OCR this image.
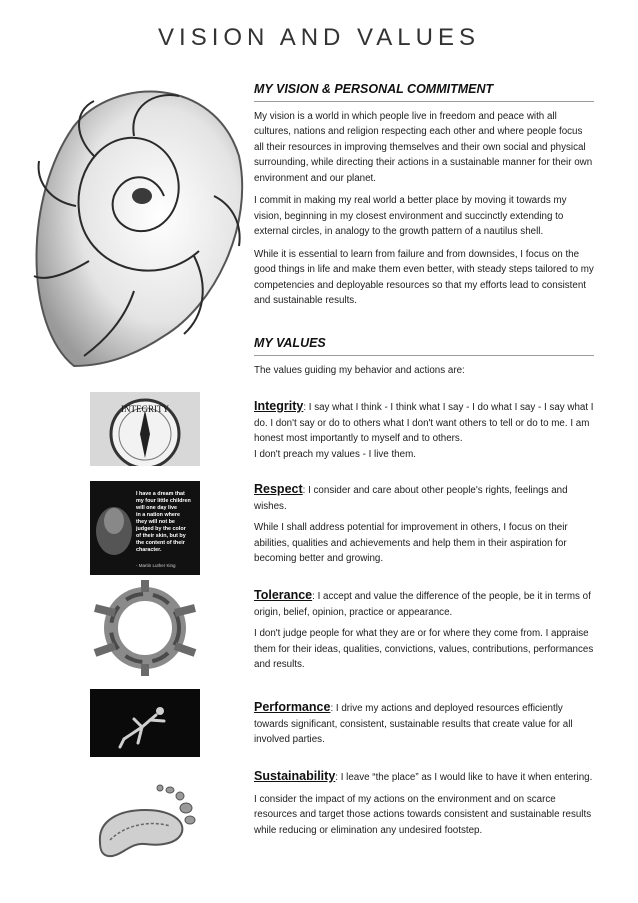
VISION AND VALUES
MY VISION & PERSONAL COMMITMENT

My vision is a world in which people live in freedom and peace with all cultures, nations and religion respecting each other and where people focus all their resources in improving themselves and their own social and physical surrounding, while directing their actions in a sustainable manner for their own environment and our planet.

I commit in making my real world a better place by moving it towards my vision, beginning in my closest environment and succinctly extending to external circles, in analogy to the growth pattern of a nautilus shell.

While it is essential to learn from failure and from downsides, I focus on the good things in life and make them even better, with steady steps tailored to my competencies and deployable resources so that my efforts lead to consistent and sustainable results.

MY VALUES

The values guiding my behavior and actions are:

INTEGRITY
I have a dream that
my four little children
will one day live
in a nation where
they will not be
judged by the color
of their skin, but by
the content of their
character.
- Martin Luther King

Integrity: I say what I think - I think what I say - I do what I say - I say what I do. I don't say or do to others what I don't want others to tell or do to me. I am honest most importantly to myself and to others.
I don't preach my values - I live them.

Respect: I consider and care about other people's rights, feelings and wishes.

While I shall address potential for improvement in others, I focus on their abilities, qualities and achievements and help them in their aspiration for becoming better and growing.

Tolerance: I accept and value the difference of the people, be it in terms of origin, belief, opinion, practice or appearance.

I don't judge people for what they are or for where they come from. I appraise them for their ideas, qualities, convictions, values, contributions, performances and results.

Performance: I drive my actions and deployed resources efficiently towards significant, consistent, sustainable results that create value for all involved parties.

Sustainability: I leave “the place” as I would like to have it when entering.

I consider the impact of my actions on the environment and on scarce resources and target those actions towards consistent and sustainable results while reducing or elimination any undesired footstep.
